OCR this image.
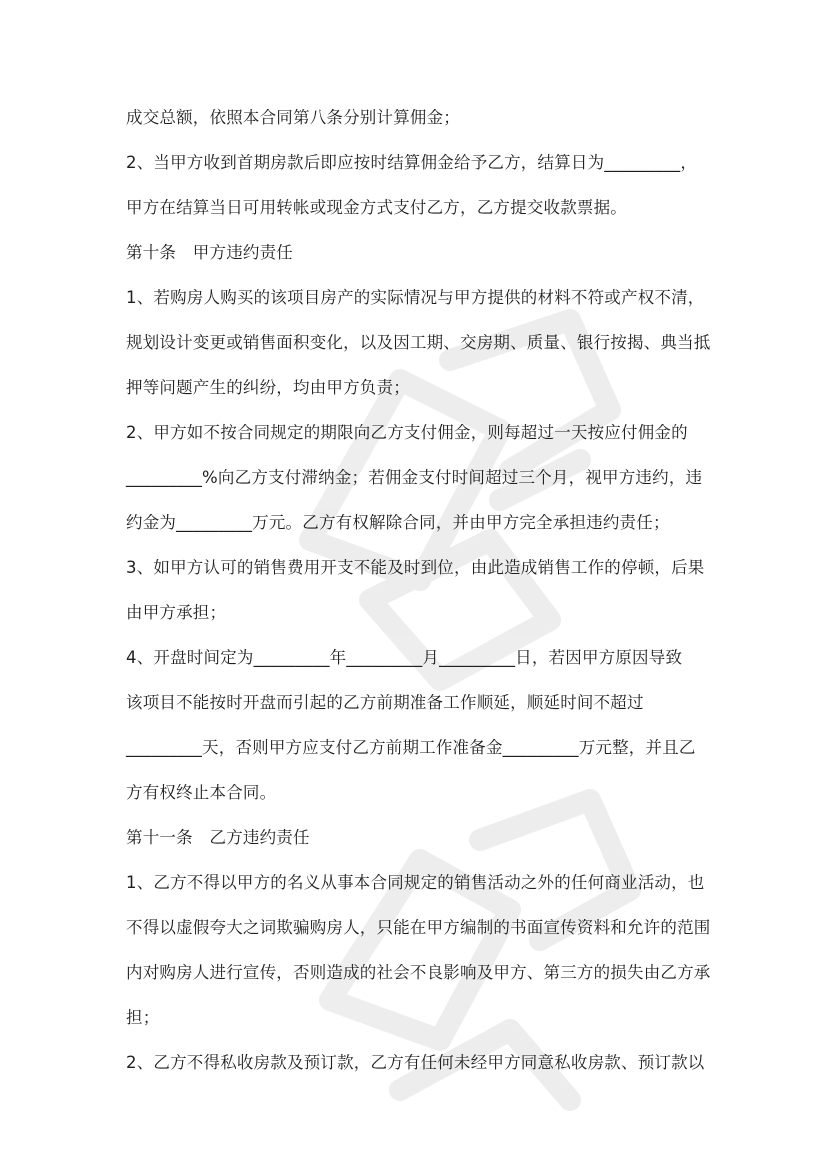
成交总额，依照本合同第八条分别计算佣金；

2、当甲方收到首期房款后即应按时结算佣金给予乙方，结算日为_________，

甲方在结算当日可用转帐或现金方式支付乙方，乙方提交收款票据。

第十条　甲方违约责任

1、若购房人购买的该项目房产的实际情况与甲方提供的材料不符或产权不清，

规划设计变更或销售面积变化，以及因工期、交房期、质量、银行按揭、典当抵

押等问题产生的纠纷，均由甲方负责；

2、甲方如不按合同规定的期限向乙方支付佣金，则每超过一天按应付佣金的

_________%向乙方支付滞纳金；若佣金支付时间超过三个月，视甲方违约，违

约金为_________万元。乙方有权解除合同，并由甲方完全承担违约责任；

3、如甲方认可的销售费用开支不能及时到位，由此造成销售工作的停顿，后果

由甲方承担；

4、开盘时间定为_________年_________月_________日，若因甲方原因导致

该项目不能按时开盘而引起的乙方前期准备工作顺延，顺延时间不超过

_________天，否则甲方应支付乙方前期工作准备金_________万元整，并且乙

方有权终止本合同。

第十一条　乙方违约责任

1、乙方不得以甲方的名义从事本合同规定的销售活动之外的任何商业活动，也

不得以虚假夸大之词欺骗购房人，只能在甲方编制的书面宣传资料和允许的范围

内对购房人进行宣传，否则造成的社会不良影响及甲方、第三方的损失由乙方承

担；

2、乙方不得私收房款及预订款，乙方有任何未经甲方同意私收房款、预订款以
